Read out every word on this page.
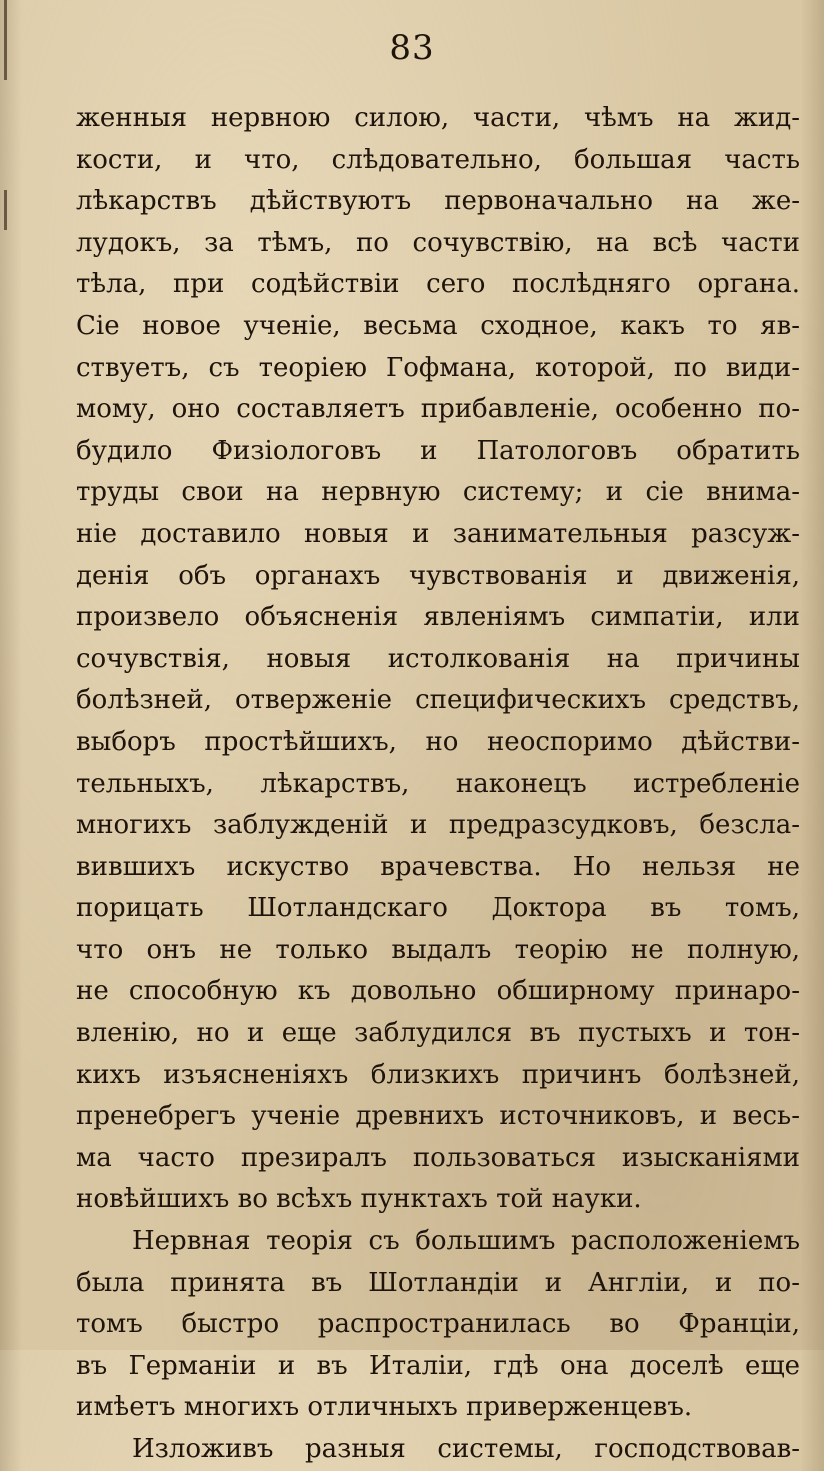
83
женныя нервною силою, части, чѣмъ на жид-
кости, и что, слѣдовательно, большая часть
лѣкарствъ дѣйствуютъ первоначально на же-
лудокъ, за тѣмъ, по сочувствію, на всѣ части
тѣла, при содѣйствіи сего послѣдняго органа.
Сіе новое ученіе, весьма сходное, какъ то яв-
ствуетъ, съ теоріею Гофмана, которой, по види-
мому, оно составляетъ прибавленіе, особенно по-
будило Физіологовъ и Патологовъ обратить
труды свои на нервную систему; и сіе внима-
ніе доставило новыя и занимательныя разсуж-
денія объ органахъ чувствованія и движенія,
произвело объясненія явленіямъ симпатіи, или
сочувствія, новыя истолкованія на причины
болѣзней, отверженіе специфическихъ средствъ,
выборъ простѣйшихъ, но неоспоримо дѣйстви-
тельныхъ, лѣкарствъ, наконецъ истребленіе
многихъ заблужденій и предразсудковъ, безсла-
вившихъ искуство врачевства. Но нельзя не
порицать Шотландскаго Доктора въ томъ,
что онъ не только выдалъ теорію не полную,
не способную къ довольно обширному принаро-
вленію, но и еще заблудился въ пустыхъ и тон-
кихъ изъясненіяхъ близкихъ причинъ болѣзней,
пренебрегъ ученіе древнихъ источниковъ, и весь-
ма часто презиралъ пользоваться изысканіями
новѣйшихъ во всѣхъ пунктахъ той науки.
Нервная теорія съ большимъ расположеніемъ
была принята въ Шотландіи и Англіи, и по-
томъ быстро распространилась во Франціи,
въ Германіи и въ Италіи, гдѣ она доселѣ еще
имѣетъ многихъ отличныхъ приверженцевъ.
Изложивъ разныя системы, господствовав-
